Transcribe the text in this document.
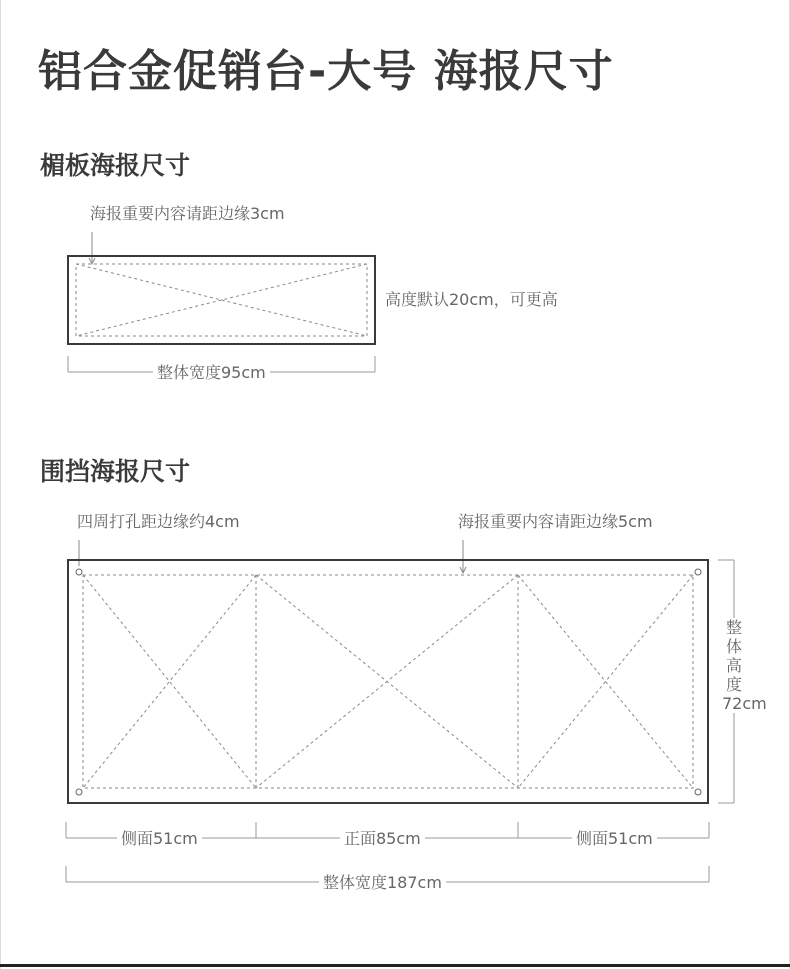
铝合金促销台-大号 海报尺寸
楣板海报尺寸
海报重要内容请距边缘3cm
高度默认20cm，可更高
整体宽度95cm
围挡海报尺寸
四周打孔距边缘约4cm	海报重要内容请距边缘5cm
整体高度72cm
侧面51cm	正面85cm	侧面51cm
整体宽度187cm
